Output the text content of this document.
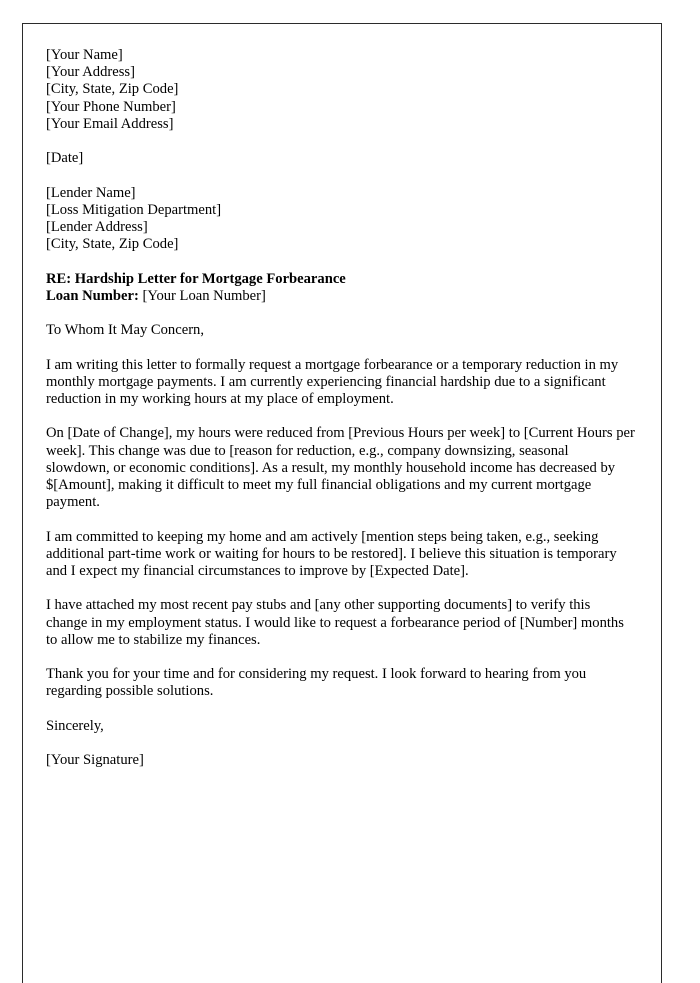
[Your Name]
[Your Address]
[City, State, Zip Code]
[Your Phone Number]
[Your Email Address]
[Date]
[Lender Name]
[Loss Mitigation Department]
[Lender Address]
[City, State, Zip Code]
RE: Hardship Letter for Mortgage Forbearance
Loan Number: [Your Loan Number]
To Whom It May Concern,

I am writing this letter to formally request a mortgage forbearance or a temporary reduction in my monthly mortgage payments. I am currently experiencing financial hardship due to a significant reduction in my working hours at my place of employment.

On [Date of Change], my hours were reduced from [Previous Hours per week] to [Current Hours per week]. This change was due to [reason for reduction, e.g., company downsizing, seasonal slowdown, or economic conditions]. As a result, my monthly household income has decreased by $[Amount], making it difficult to meet my full financial obligations and my current mortgage payment.

I am committed to keeping my home and am actively [mention steps being taken, e.g., seeking additional part-time work or waiting for hours to be restored]. I believe this situation is temporary and I expect my financial circumstances to improve by [Expected Date].

I have attached my most recent pay stubs and [any other supporting documents] to verify this change in my employment status. I would like to request a forbearance period of [Number] months to allow me to stabilize my finances.

Thank you for your time and for considering my request. I look forward to hearing from you regarding possible solutions.

Sincerely,
[Your Signature]
